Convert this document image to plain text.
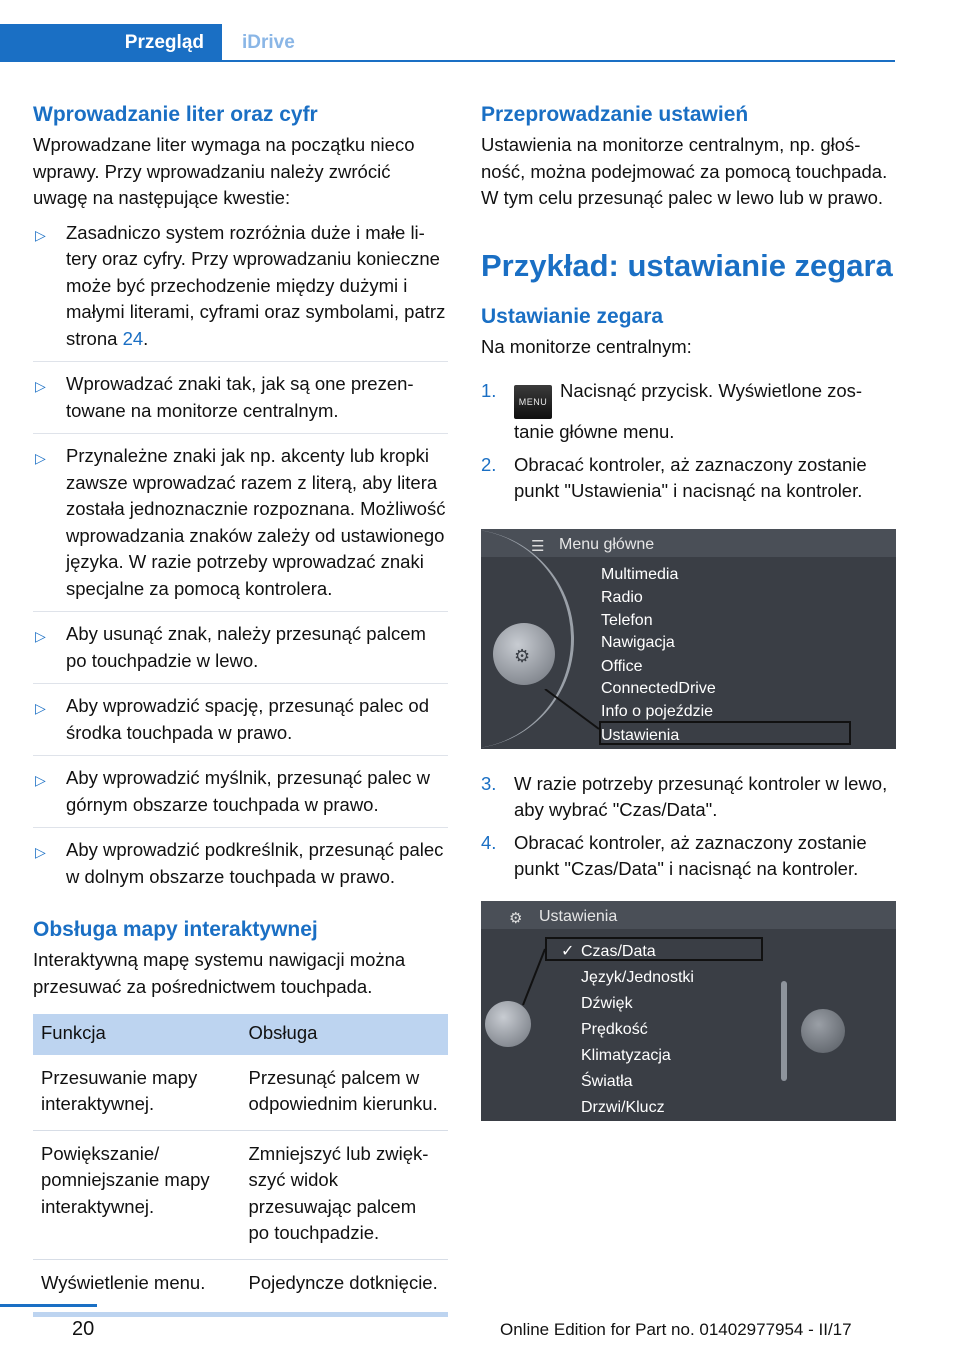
Przegląd	iDrive
Wprowadzanie liter oraz cyfr

Wprowadzane liter wymaga na początku nieco wprawy. Przy wprowadzaniu należy zwrócić uwagę na następujące kwestie:

▷ Zasadniczo system rozróżnia duże i małe litery oraz cyfry. Przy wprowadzaniu konieczne może być przechodzenie między dużymi i małymi literami, cyframi oraz symbolami, patrz strona 24.
▷ Wprowadzać znaki tak, jak są one prezentowane na monitorze centralnym.
▷ Przynależne znaki jak np. akcenty lub kropki zawsze wprowadzać razem z literą, aby litera została jednoznacznie rozpoznana. Możliwość wprowadzania znaków zależy od ustawionego języka. W razie potrzeby wprowadzać znaki specjalne za pomocą kontrolera.
▷ Aby usunąć znak, należy przesunąć palcem po touchpadzie w lewo.
▷ Aby wprowadzić spację, przesunąć palec od środka touchpada w prawo.
▷ Aby wprowadzić myślnik, przesunąć palec w górnym obszarze touchpada w prawo.
▷ Aby wprowadzić podkreślnik, przesunąć palec w dolnym obszarze touchpada w prawo.
Obsługa mapy interaktywnej

Interaktywną mapę systemu nawigacji można przesuwać za pośrednictwem touchpada.

Funkcja	Obsługa
Przesuwanie mapy interaktywnej.	Przesunąć palcem w odpowiednim kierunku.
Powiększanie/ pomniejszanie mapy interaktywnej.	Zmniejszyć lub zwiększyć widok przesuwając palcem po touchpadzie.
Wyświetlenie menu.	Pojedyncze dotknięcie.
Przeprowadzanie ustawień

Ustawienia na monitorze centralnym, np. głośność, można podejmować za pomocą touchpada. W tym celu przesunąć palec w lewo lub w prawo.

Przykład: ustawianie zegara
Ustawianie zegara

Na monitorze centralnym:

1.
MENUNacisnąć przycisk. Wyświetlone zostanie główne menu.
2. Obracać kontroler, aż zaznaczony zostanie punkt "Ustawienia" i nacisnąć na kontroler.
☰ Menu główne
⚙
Multimedia
Radio
Telefon
Nawigacja
Office
ConnectedDrive
Info o pojeździe
Ustawienia
3. W razie potrzeby przesunąć kontroler w lewo, aby wybrać "Czas/Data".
4. Obracać kontroler, aż zaznaczony zostanie punkt "Czas/Data" i nacisnąć na kontroler.
⚙ Ustawienia
✓ Czas/Data
Język/Jednostki
Dźwięk
Prędkość
Klimatyzacja
Światła
Drzwi/Klucz
20	Online Edition for Part no. 01402977954 - II/17
